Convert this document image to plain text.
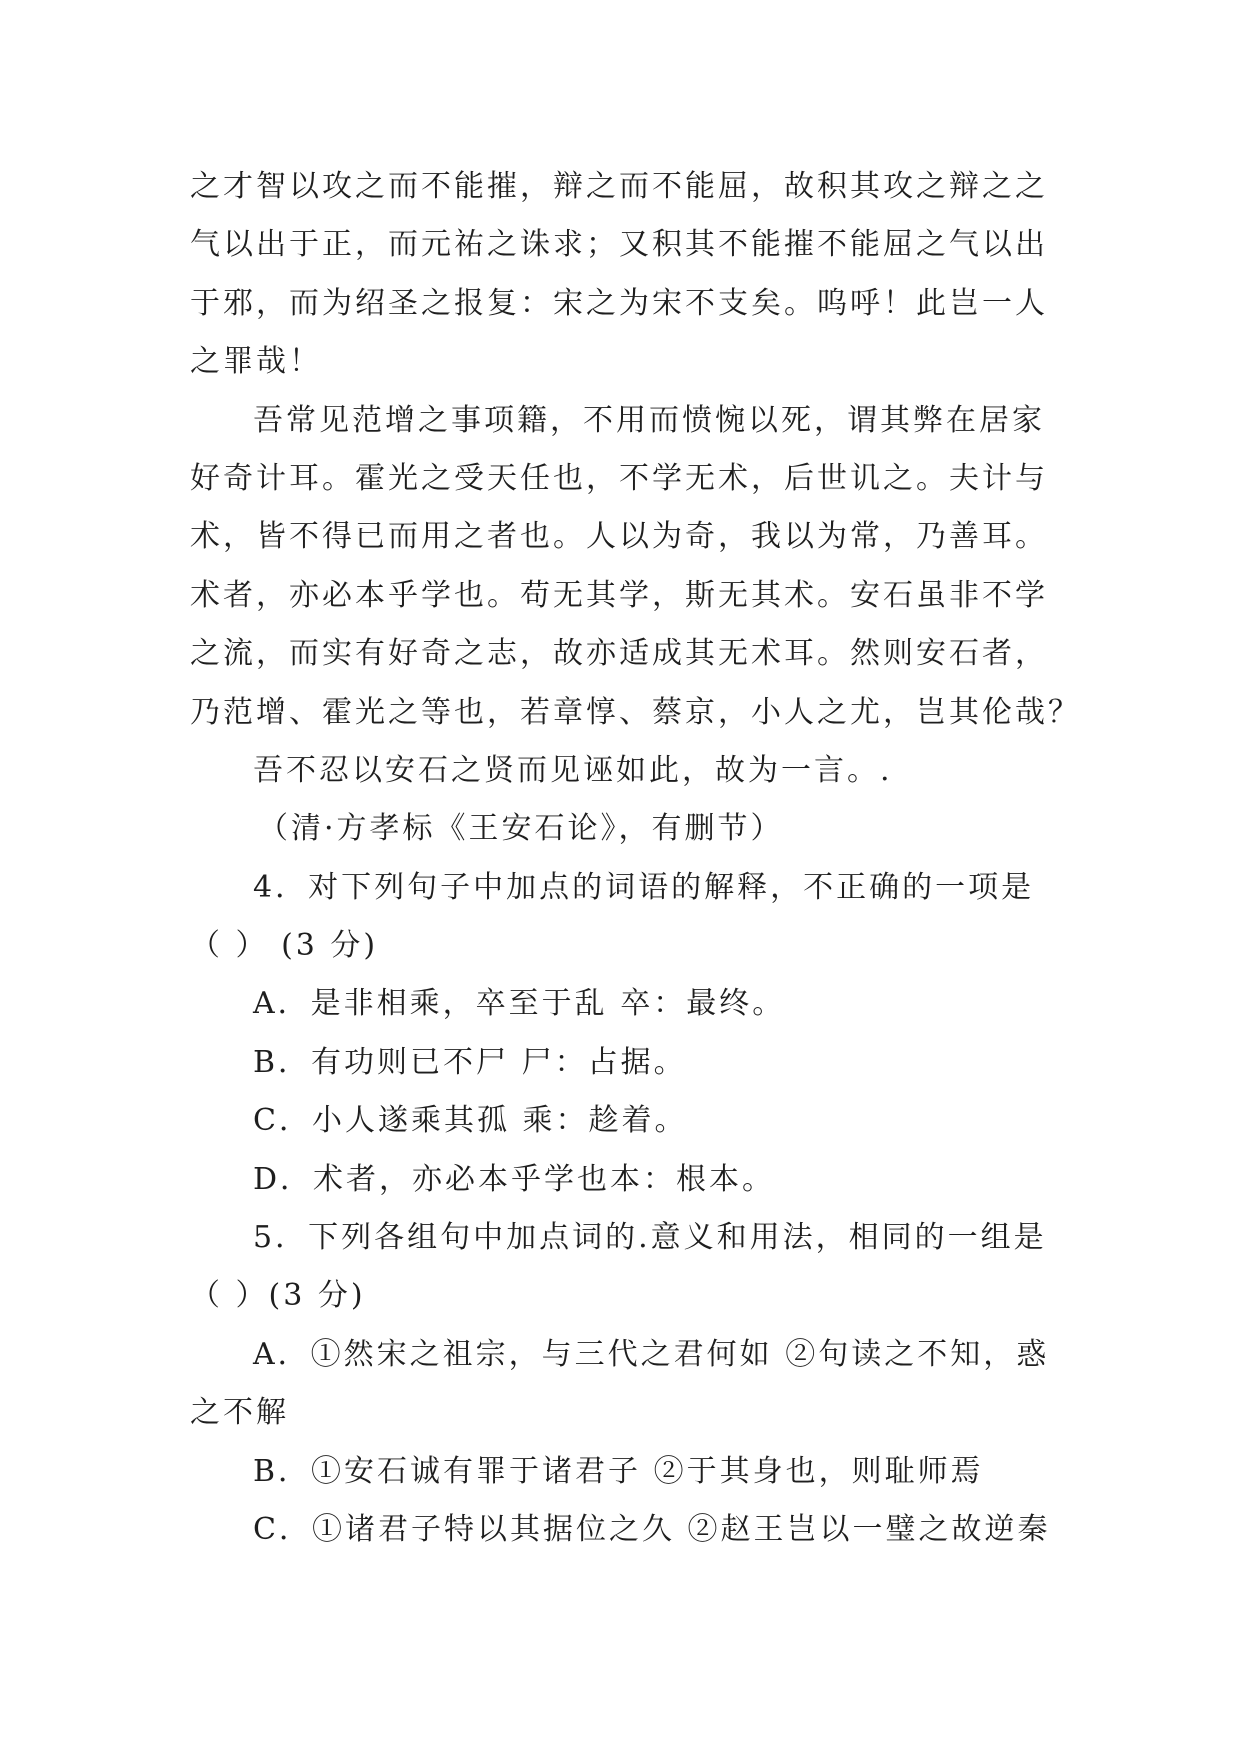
之才智以攻之而不能摧，辩之而不能屈，故积其攻之辩之之
气以出于正，而元祐之诛求；又积其不能摧不能屈之气以出
于邪，而为绍圣之报复：宋之为宋不支矣。呜呼！此岂一人
之罪哉！
吾常见范增之事项籍，不用而愤惋以死，谓其弊在居家
好奇计耳。霍光之受天任也，不学无术，后世讥之。夫计与
术，皆不得已而用之者也。人以为奇，我以为常，乃善耳。
术者，亦必本乎学也。苟无其学，斯无其术。安石虽非不学
之流，而实有好奇之志，故亦适成其无术耳。然则安石者，
乃范增、霍光之等也，若章惇、蔡京，小人之尤，岂其伦哉？
吾不忍以安石之贤而见诬如此，故为一言。.
（清·方孝标《王安石论》，有删节）
4．对下列句子中加点的词语的解释，不正确的一项是
（ ） (3 分)
A．是非相乘，卒至于乱 卒：最终。
B．有功则已不尸 尸：占据。
C．小人遂乘其孤 乘：趁着。
D．术者，亦必本乎学也本：根本。
5．下列各组句中加点词的.意义和用法，相同的一组是
（ ）(3 分)
A．①然宋之祖宗，与三代之君何如 ②句读之不知，惑
之不解
B．①安石诚有罪于诸君子 ②于其身也，则耻师焉
C．①诸君子特以其据位之久 ②赵王岂以一璧之故逆秦
